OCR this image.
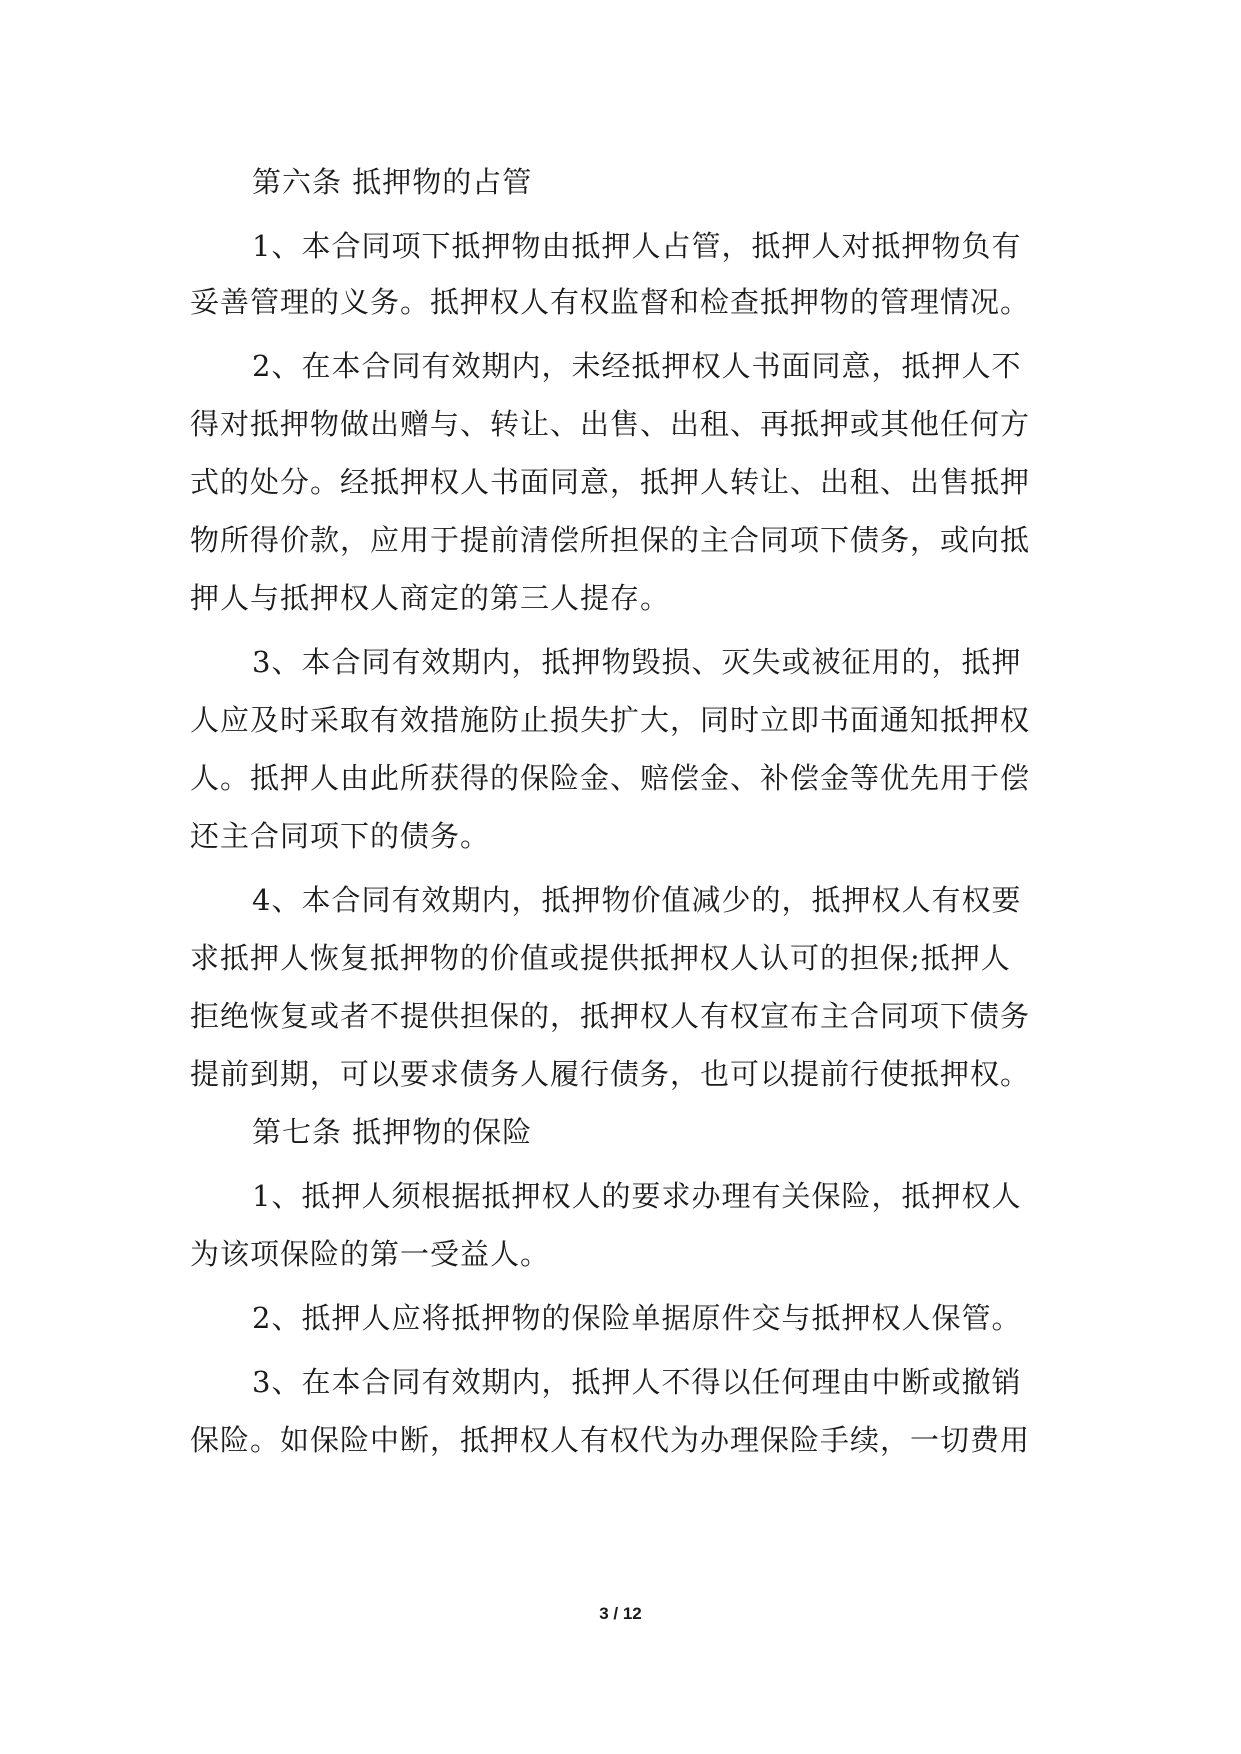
第六条 抵押物的占管
1、本合同项下抵押物由抵押人占管，抵押人对抵押物负有
妥善管理的义务。抵押权人有权监督和检查抵押物的管理情况。
2、在本合同有效期内，未经抵押权人书面同意，抵押人不
得对抵押物做出赠与、转让、出售、出租、再抵押或其他任何方
式的处分。经抵押权人书面同意，抵押人转让、出租、出售抵押
物所得价款，应用于提前清偿所担保的主合同项下债务，或向抵
押人与抵押权人商定的第三人提存。
3、本合同有效期内，抵押物毁损、灭失或被征用的，抵押
人应及时采取有效措施防止损失扩大，同时立即书面通知抵押权
人。抵押人由此所获得的保险金、赔偿金、补偿金等优先用于偿
还主合同项下的债务。
4、本合同有效期内，抵押物价值减少的，抵押权人有权要
求抵押人恢复抵押物的价值或提供抵押权人认可的担保;抵押人
拒绝恢复或者不提供担保的，抵押权人有权宣布主合同项下债务
提前到期，可以要求债务人履行债务，也可以提前行使抵押权。
第七条 抵押物的保险
1、抵押人须根据抵押权人的要求办理有关保险，抵押权人
为该项保险的第一受益人。
2、抵押人应将抵押物的保险单据原件交与抵押权人保管。
3、在本合同有效期内，抵押人不得以任何理由中断或撤销
保险。如保险中断，抵押权人有权代为办理保险手续，一切费用
3 / 12
